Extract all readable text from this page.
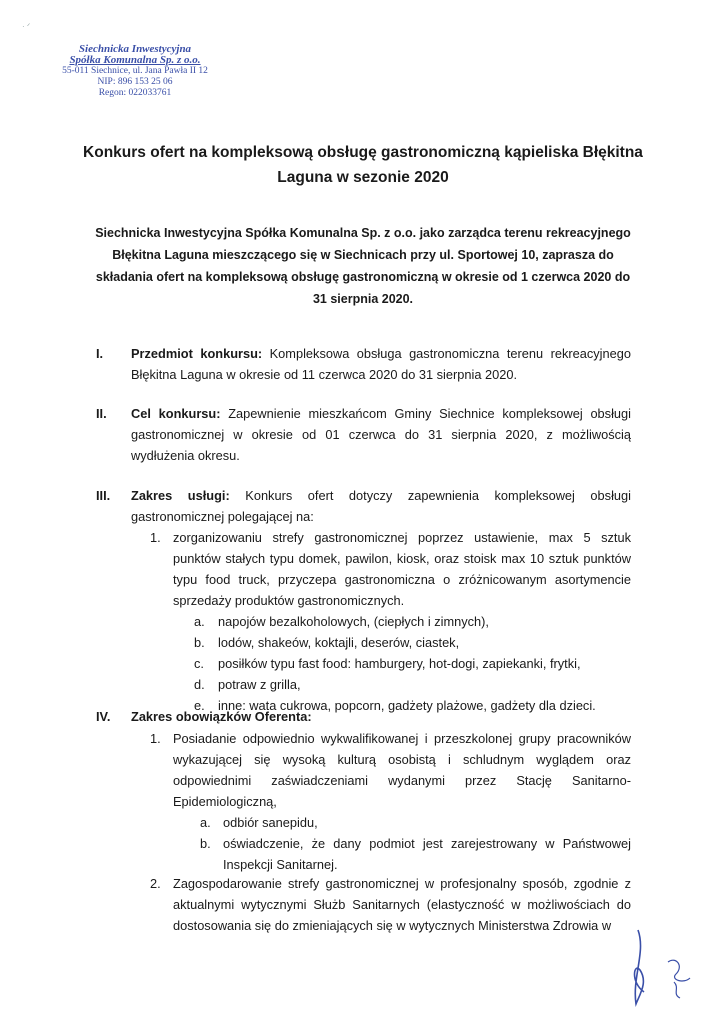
· ᐟ
Siechnicka Inwestycyjna
Spółka Komunalna Sp. z o.o.
55-011 Siechnice, ul. Jana Pawła II 12
NIP: 896 153 25 06
Regon: 022033761
Konkurs ofert na kompleksową obsługę gastronomiczną kąpieliska Błękitna
Laguna w sezonie 2020
Siechnicka Inwestycyjna Spółka Komunalna Sp. z o.o. jako zarządca terenu rekreacyjnego
Błękitna Laguna mieszczącego się w Siechnicach przy ul. Sportowej 10, zaprasza do
składania ofert na kompleksową obsługę gastronomiczną w okresie od 1 czerwca 2020 do
31 sierpnia 2020.
I. Przedmiot konkursu: Kompleksowa obsługa gastronomiczna terenu rekreacyjnego Błękitna Laguna w okresie od 11 czerwca 2020 do 31 sierpnia 2020.
II. Cel konkursu: Zapewnienie mieszkańcom Gminy Siechnice kompleksowej obsługi gastronomicznej w okresie od 01 czerwca do 31 sierpnia 2020, z możliwością wydłużenia okresu.
III. Zakres usługi: Konkurs ofert dotyczy zapewnienia kompleksowej obsługi gastronomicznej polegającej na:
1. zorganizowaniu strefy gastronomicznej poprzez ustawienie, max 5 sztuk punktów stałych typu domek, pawilon, kiosk, oraz stoisk max 10 sztuk punktów typu food truck, przyczepa gastronomiczna o zróżnicowanym asortymencie sprzedaży produktów gastronomicznych.
a. napojów bezalkoholowych, (ciepłych i zimnych),
b. lodów, shakeów, koktajli, deserów, ciastek,
c. posiłków typu fast food: hamburgery, hot-dogi, zapiekanki, frytki,
d. potraw z grilla,
e. inne: wata cukrowa, popcorn, gadżety plażowe, gadżety dla dzieci.
IV. Zakres obowiązków Oferenta:
1. Posiadanie odpowiednio wykwalifikowanej i przeszkolonej grupy pracowników wykazującej się wysoką kulturą osobistą i schludnym wyglądem oraz odpowiednimi zaświadczeniami wydanymi przez Stację Sanitarno-Epidemiologiczną,
a. odbiór sanepidu,
b. oświadczenie, że dany podmiot jest zarejestrowany w Państwowej Inspekcji Sanitarnej.
2. Zagospodarowanie strefy gastronomicznej w profesjonalny sposób, zgodnie z aktualnymi wytycznymi Służb Sanitarnych (elastyczność w możliwościach do dostosowania się do zmieniających się w wytycznych Ministerstwa Zdrowia w
